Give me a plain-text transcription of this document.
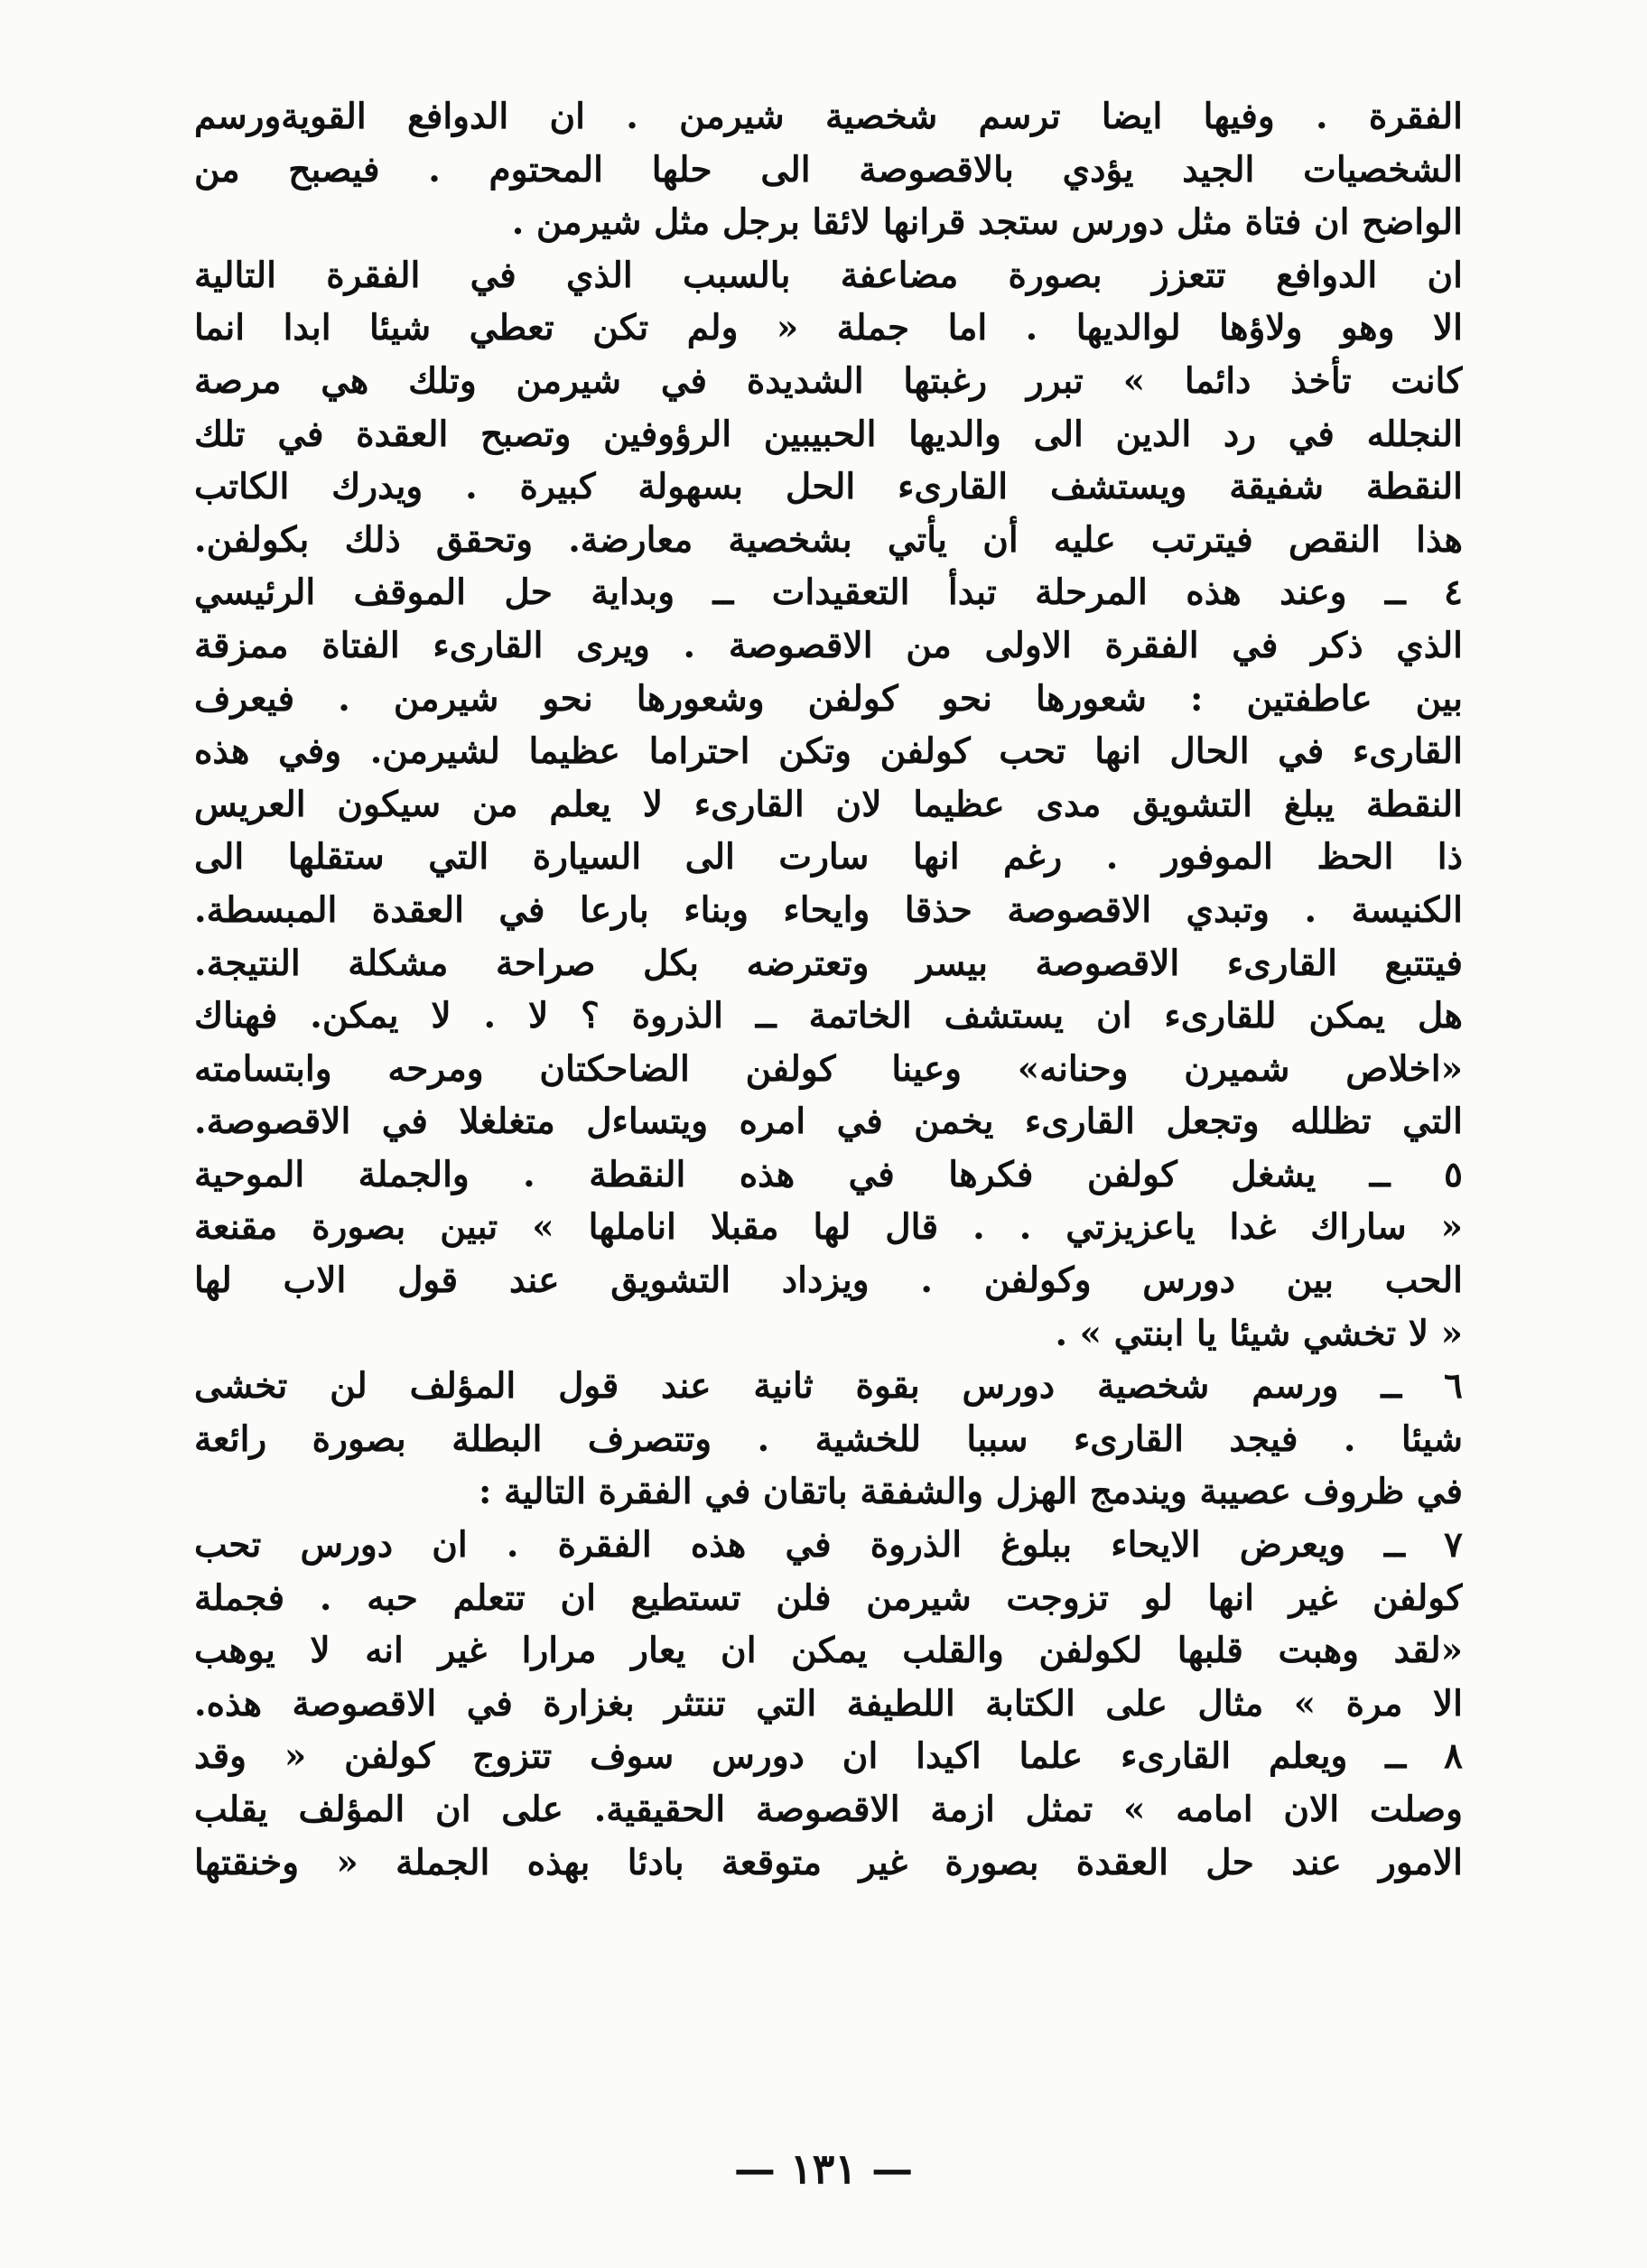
الفقرة . وفيها ايضا ترسم شخصية شيرمن . ان الدوافع القويةورسم
الشخصيات الجيد يؤدي بالاقصوصة الى حلها المحتوم . فيصبح من
الواضح ان فتاة مثل دورس ستجد قرانها لائقا برجل مثل شيرمن .
ان الدوافع تتعزز بصورة مضاعفة بالسبب الذي في الفقرة التالية
الا وهو ولاؤها لوالديها . اما جملة « ولم تكن تعطي شيئا ابدا انما
كانت تأخذ دائما » تبرر رغبتها الشديدة في شيرمن وتلك هي مرصة
النجلله في رد الدين الى والديها الحبيبين الرؤوفين وتصبح العقدة في تلك
النقطة شفيقة ويستشف القارىء الحل بسهولة كبيرة . ويدرك الكاتب
هذا النقص فيترتب عليه أن يأتي بشخصية معارضة. وتحقق ذلك بكولفن.
٤ ــ وعند هذه المرحلة تبدأ التعقيدات ــ وبداية حل الموقف الرئيسي
الذي ذكر في الفقرة الاولى من الاقصوصة . ويرى القارىء الفتاة ممزقة
بين عاطفتين : شعورها نحو كولفن وشعورها نحو شيرمن . فيعرف
القارىء في الحال انها تحب كولفن وتكن احتراما عظيما لشيرمن. وفي هذه
النقطة يبلغ التشويق مدى عظيما لان القارىء لا يعلم من سيكون العريس
ذا الحظ الموفور . رغم انها سارت الى السيارة التي ستقلها الى
الكنيسة . وتبدي الاقصوصة حذقا وايحاء وبناء بارعا في العقدة المبسطة.
فيتتبع القارىء الاقصوصة بيسر وتعترضه بكل صراحة مشكلة النتيجة.
هل يمكن للقارىء ان يستشف الخاتمة ــ الذروة ؟ لا . لا يمكن. فهناك
«اخلاص شميرن وحنانه» وعينا كولفن الضاحكتان ومرحه وابتسامته
التي تظلله وتجعل القارىء يخمن في امره ويتساءل متغلغلا في الاقصوصة.
٥ ــ يشغل كولفن فكرها في هذه النقطة . والجملة الموحية
« ساراك غدا ياعزيزتي . . قال لها مقبلا اناملها » تبين بصورة مقنعة
الحب بين دورس وكولفن . ويزداد التشويق عند قول الاب لها
« لا تخشي شيئا يا ابنتي » .
٦ ــ ورسم شخصية دورس بقوة ثانية عند قول المؤلف لن تخشى
شيئا . فيجد القارىء سببا للخشية . وتتصرف البطلة بصورة رائعة
في ظروف عصيبة ويندمج الهزل والشفقة باتقان في الفقرة التالية :
٧ ــ ويعرض الايحاء ببلوغ الذروة في هذه الفقرة . ان دورس تحب
كولفن غير انها لو تزوجت شيرمن فلن تستطيع ان تتعلم حبه . فجملة
«لقد وهبت قلبها لكولفن والقلب يمكن ان يعار مرارا غير انه لا يوهب
الا مرة » مثال على الكتابة اللطيفة التي تنتثر بغزارة في الاقصوصة هذه.
٨ ــ ويعلم القارىء علما اكيدا ان دورس سوف تتزوج كولفن « وقد
وصلت الان امامه » تمثل ازمة الاقصوصة الحقيقية. على ان المؤلف يقلب
الامور عند حل العقدة بصورة غير متوقعة بادئا بهذه الجملة « وخنقتها
— ١٣١ —
